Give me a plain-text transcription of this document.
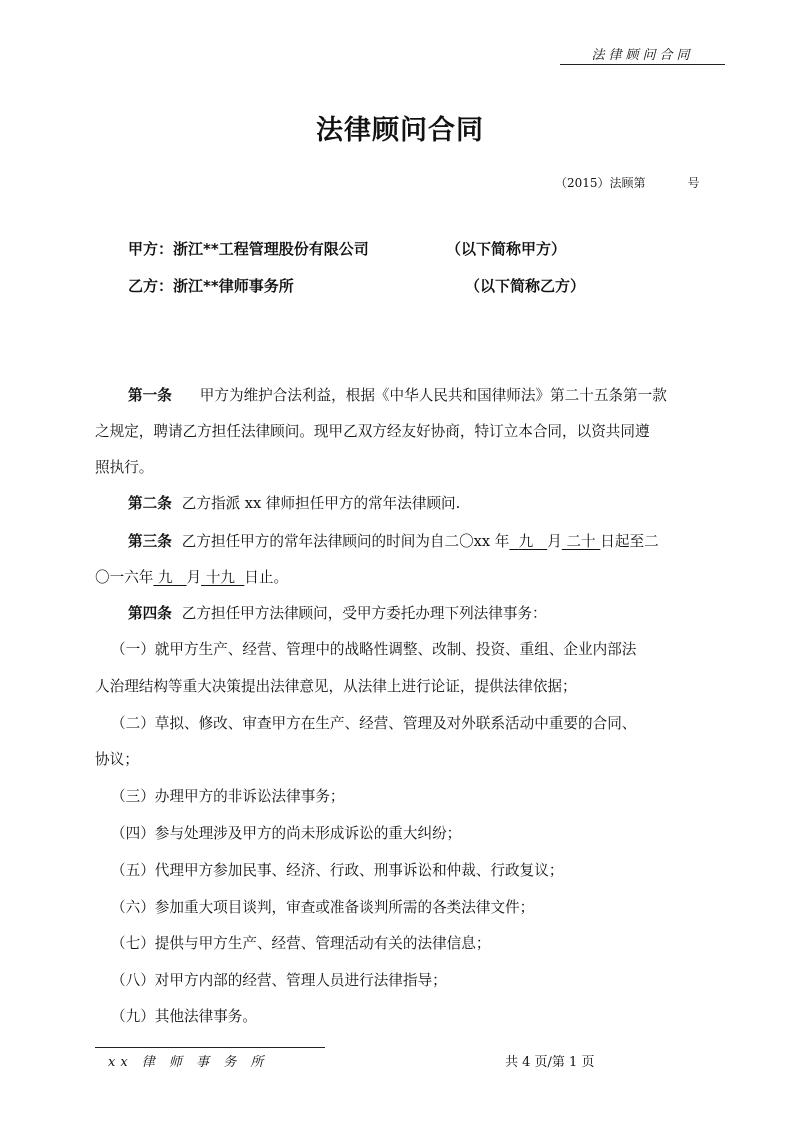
法律顾问合同
法律顾问合同
（2015）法顾第	号
甲方：浙江**工程管理股份有限公司	（以下简称甲方）
乙方：浙江**律师事务所	（以下简称乙方）
第一条 甲方为维护合法利益，根据《中华人民共和国律师法》第二十五条第一款
之规定，聘请乙方担任法律顾问。现甲乙双方经友好协商，特订立本合同，以资共同遵
照执行。
第二条 乙方指派 xx 律师担任甲方的常年法律顾问.
第三条 乙方担任甲方的常年法律顾问的时间为自二〇xx 年 九 月 二十 日起至二
〇一六年 九 月 十九 日止。
第四条 乙方担任甲方法律顾问，受甲方委托办理下列法律事务：
（一）就甲方生产、经营、管理中的战略性调整、改制、投资、重组、企业内部法
人治理结构等重大决策提出法律意见，从法律上进行论证，提供法律依据；
（二）草拟、修改、审查甲方在生产、经营、管理及对外联系活动中重要的合同、
协议；
（三）办理甲方的非诉讼法律事务；
（四）参与处理涉及甲方的尚未形成诉讼的重大纠纷；
（五）代理甲方参加民事、经济、行政、刑事诉讼和仲裁、行政复议；
（六）参加重大项目谈判，审查或准备谈判所需的各类法律文件；
（七）提供与甲方生产、经营、管理活动有关的法律信息；
（八）对甲方内部的经营、管理人员进行法律指导；
（九）其他法律事务。
xx 律 师 事 务 所	共 4 页/第 1 页
